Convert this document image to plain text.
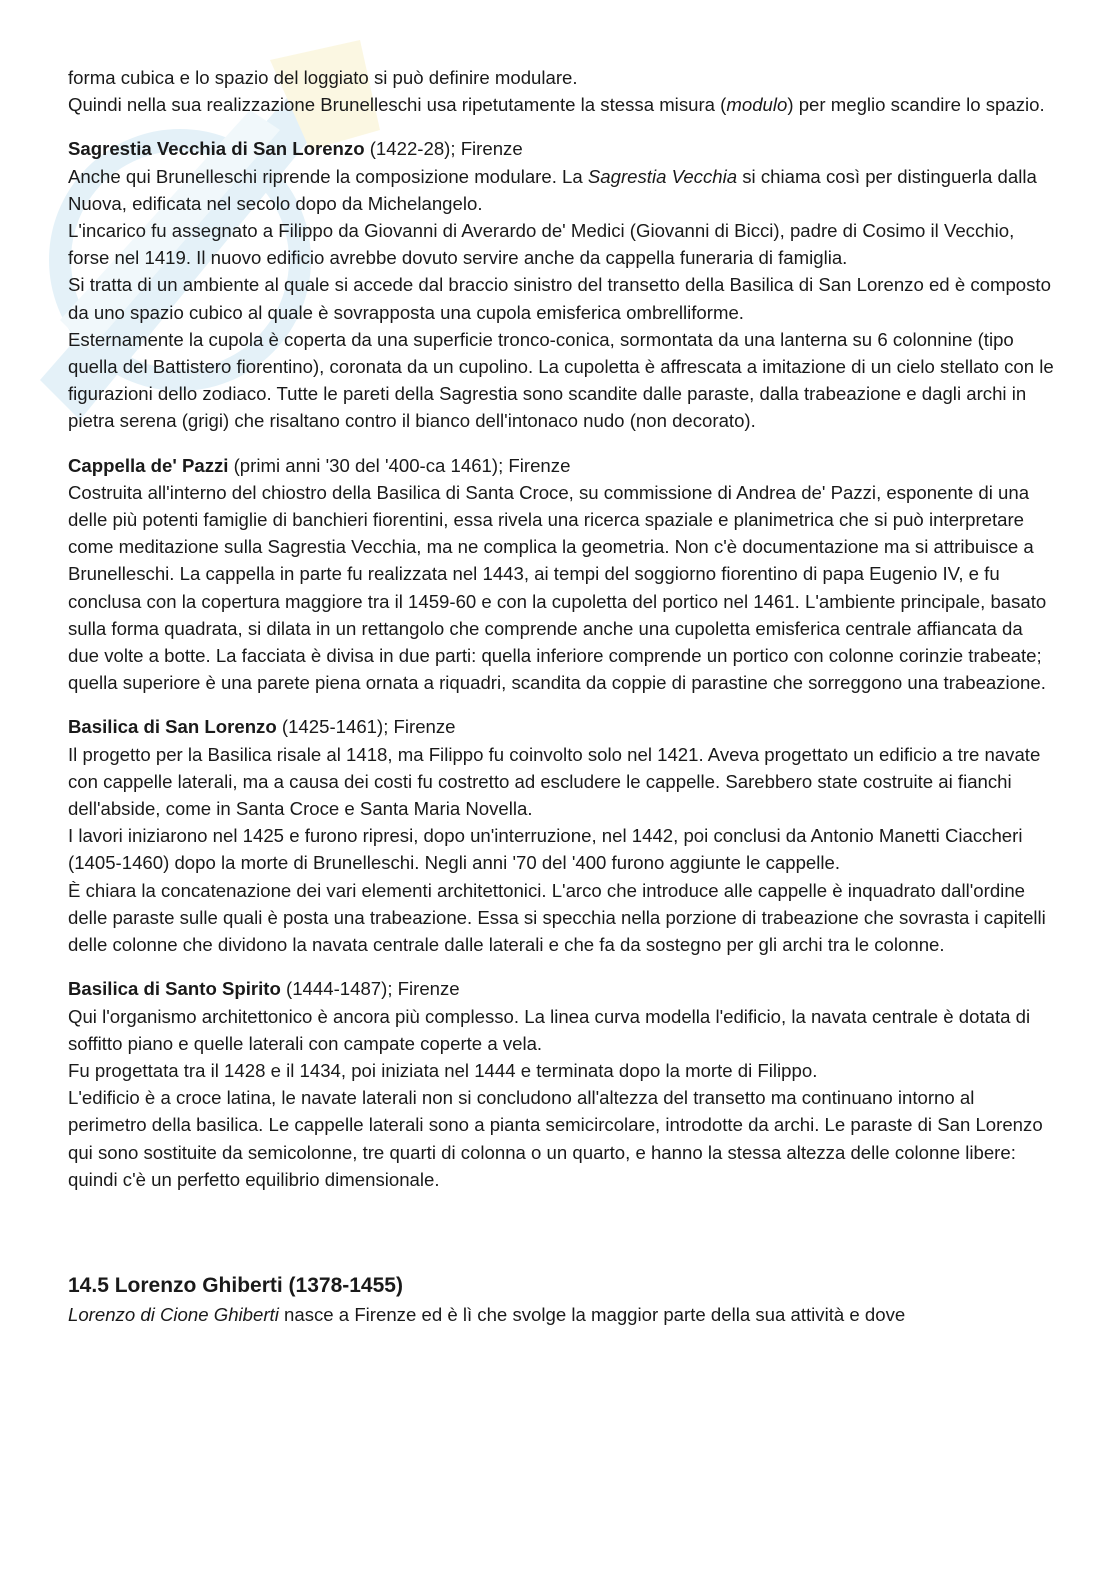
forma cubica e lo spazio del loggiato si può definire modulare.

Quindi nella sua realizzazione Brunelleschi usa ripetutamente la stessa misura (modulo) per meglio scandire lo spazio.

Sagrestia Vecchia di San Lorenzo (1422-28); Firenze

Anche qui Brunelleschi riprende la composizione modulare. La Sagrestia Vecchia si chiama così per distinguerla dalla Nuova, edificata nel secolo dopo da Michelangelo.

L'incarico fu assegnato a Filippo da Giovanni di Averardo de' Medici (Giovanni di Bicci), padre di Cosimo il Vecchio, forse nel 1419. Il nuovo edificio avrebbe dovuto servire anche da cappella funeraria di famiglia.

Si tratta di un ambiente al quale si accede dal braccio sinistro del transetto della Basilica di San Lorenzo ed è composto da uno spazio cubico al quale è sovrapposta una cupola emisferica ombrelliforme.

Esternamente la cupola è coperta da una superficie tronco-conica, sormontata da una lanterna su 6 colonnine (tipo quella del Battistero fiorentino), coronata da un cupolino. La cupoletta è affrescata a imitazione di un cielo stellato con le figurazioni dello zodiaco. Tutte le pareti della Sagrestia sono scandite dalle paraste, dalla trabeazione e dagli archi in pietra serena (grigi) che risaltano contro il bianco dell'intonaco nudo (non decorato).

Cappella de' Pazzi (primi anni '30 del '400-ca 1461); Firenze

Costruita all'interno del chiostro della Basilica di Santa Croce, su commissione di Andrea de' Pazzi, esponente di una delle più potenti famiglie di banchieri fiorentini, essa rivela una ricerca spaziale e planimetrica che si può interpretare come meditazione sulla Sagrestia Vecchia, ma ne complica la geometria. Non c'è documentazione ma si attribuisce a Brunelleschi. La cappella in parte fu realizzata nel 1443, ai tempi del soggiorno fiorentino di papa Eugenio IV, e fu conclusa con la copertura maggiore tra il 1459-60 e con la cupoletta del portico nel 1461. L'ambiente principale, basato sulla forma quadrata, si dilata in un rettangolo che comprende anche una cupoletta emisferica centrale affiancata da due volte a botte. La facciata è divisa in due parti: quella inferiore comprende un portico con colonne corinzie trabeate; quella superiore è una parete piena ornata a riquadri, scandita da coppie di parastine che sorreggono una trabeazione.

Basilica di San Lorenzo (1425-1461); Firenze

Il progetto per la Basilica risale al 1418, ma Filippo fu coinvolto solo nel 1421. Aveva progettato un edificio a tre navate con cappelle laterali, ma a causa dei costi fu costretto ad escludere le cappelle. Sarebbero state costruite ai fianchi dell'abside, come in Santa Croce e Santa Maria Novella.

I lavori iniziarono nel 1425 e furono ripresi, dopo un'interruzione, nel 1442, poi conclusi da Antonio Manetti Ciaccheri (1405-1460) dopo la morte di Brunelleschi. Negli anni '70 del '400 furono aggiunte le cappelle.

È chiara la concatenazione dei vari elementi architettonici. L'arco che introduce alle cappelle è inquadrato dall'ordine delle paraste sulle quali è posta una trabeazione. Essa si specchia nella porzione di trabeazione che sovrasta i capitelli delle colonne che dividono la navata centrale dalle laterali e che fa da sostegno per gli archi tra le colonne.

Basilica di Santo Spirito (1444-1487); Firenze

Qui l'organismo architettonico è ancora più complesso. La linea curva modella l'edificio, la navata centrale è dotata di soffitto piano e quelle laterali con campate coperte a vela.

Fu progettata tra il 1428 e il 1434, poi iniziata nel 1444 e terminata dopo la morte di Filippo.

L'edificio è a croce latina, le navate laterali non si concludono all'altezza del transetto ma continuano intorno al perimetro della basilica. Le cappelle laterali sono a pianta semicircolare, introdotte da archi. Le paraste di San Lorenzo qui sono sostituite da semicolonne, tre quarti di colonna o un quarto, e hanno la stessa altezza delle colonne libere: quindi c'è un perfetto equilibrio dimensionale.

14.5 Lorenzo Ghiberti (1378-1455)

Lorenzo di Cione Ghiberti nasce a Firenze ed è lì che svolge la maggior parte della sua attività e dove
